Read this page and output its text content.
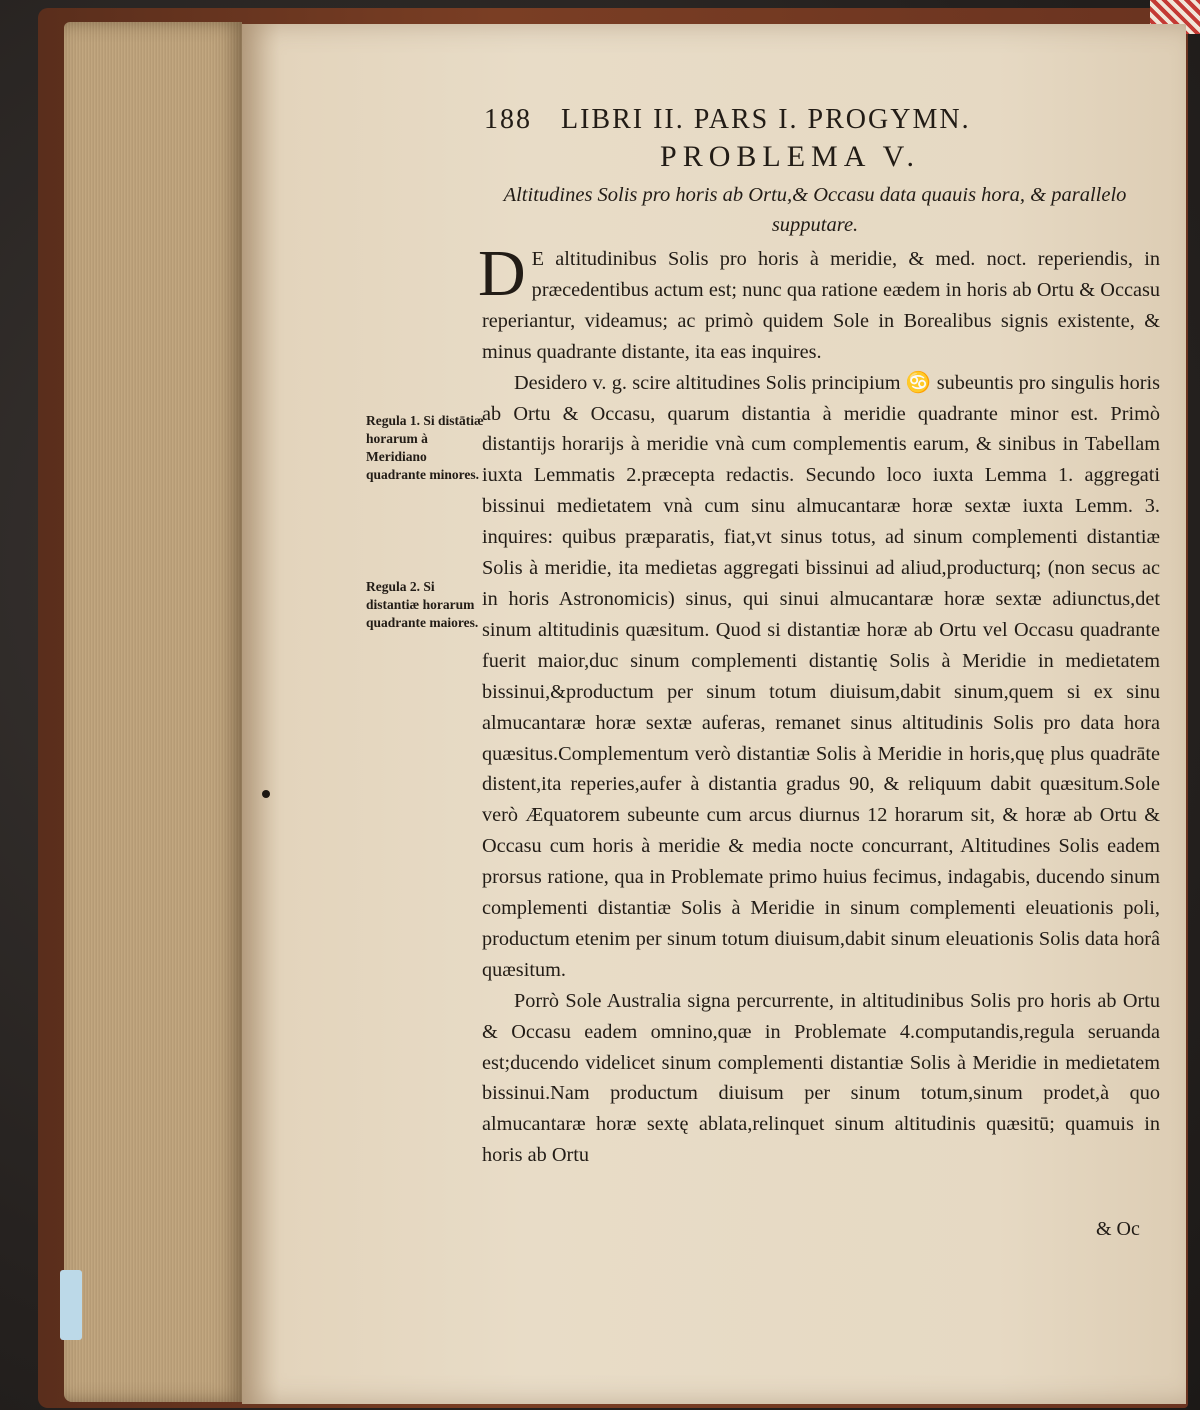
188 LIBRI II. PARS I. PROGYMN.
PROBLEMA V.
Altitudines Solis pro horis ab Ortu,& Occasu data quauis hora, & parallelo supputare.
Regula 1. Si distātiæ horarum à Meridiano quadrante minores.
Regula 2. Si distantiæ horarum quadrante maiores.

D E altitudinibus Solis pro horis à meridie, & med. noct. reperiendis, in præcedentibus actum est; nunc qua ratione eædem in horis ab Ortu & Occasu reperiantur, videamus; ac primò quidem Sole in Borealibus signis existente, & minus quadrante distante, ita eas inquires.

Desidero v. g. scire altitudines Solis principium ♋ subeuntis pro singulis horis ab Ortu & Occasu, quarum distantia à meridie quadrante minor est. Primò distantijs horarijs à meridie vnà cum complementis earum, & sinibus in Tabellam iuxta Lemmatis 2.præcepta redactis. Secundo loco iuxta Lemma 1. aggregati bissinui medietatem vnà cum sinu almucantaræ horæ sextæ iuxta Lemm. 3. inquires: quibus præparatis, fiat,vt sinus totus, ad sinum complementi distantiæ Solis à meridie, ita medietas aggregati bissinui ad aliud,producturq; (non secus ac in horis Astronomicis) sinus, qui sinui almucantaræ horæ sextæ adiunctus,det sinum altitudinis quæsitum. Quod si distantiæ horæ ab Ortu vel Occasu quadrante fuerit maior,duc sinum complementi distantię Solis à Meridie in medietatem bissinui,&productum per sinum totum diuisum,dabit sinum,quem si ex sinu almucantaræ horæ sextæ auferas, remanet sinus altitudinis Solis pro data hora quæsitus.Complementum verò distantiæ Solis à Meridie in horis,quę plus quadrāte distent,ita reperies,aufer à distantia gradus 90, & reliquum dabit quæsitum.Sole verò Æquatorem subeunte cum arcus diurnus 12 horarum sit, & horæ ab Ortu & Occasu cum horis à meridie & media nocte concurrant, Altitudines Solis eadem prorsus ratione, qua in Problemate primo huius fecimus, indagabis, ducendo sinum complementi distantiæ Solis à Meridie in sinum complementi eleuationis poli, productum etenim per sinum totum diuisum,dabit sinum eleuationis Solis data horâ quæsitum.

Porrò Sole Australia signa percurrente, in altitudinibus Solis pro horis ab Ortu & Occasu eadem omnino,quæ in Problemate 4.computandis,regula seruanda est;ducendo videlicet sinum complementi distantiæ Solis à Meridie in medietatem bissinui.Nam productum diuisum per sinum totum,sinum prodet,à quo almucantaræ horæ sextę ablata,relinquet sinum altitudinis quæsitū; quamuis in horis ab Ortu

& Oc
